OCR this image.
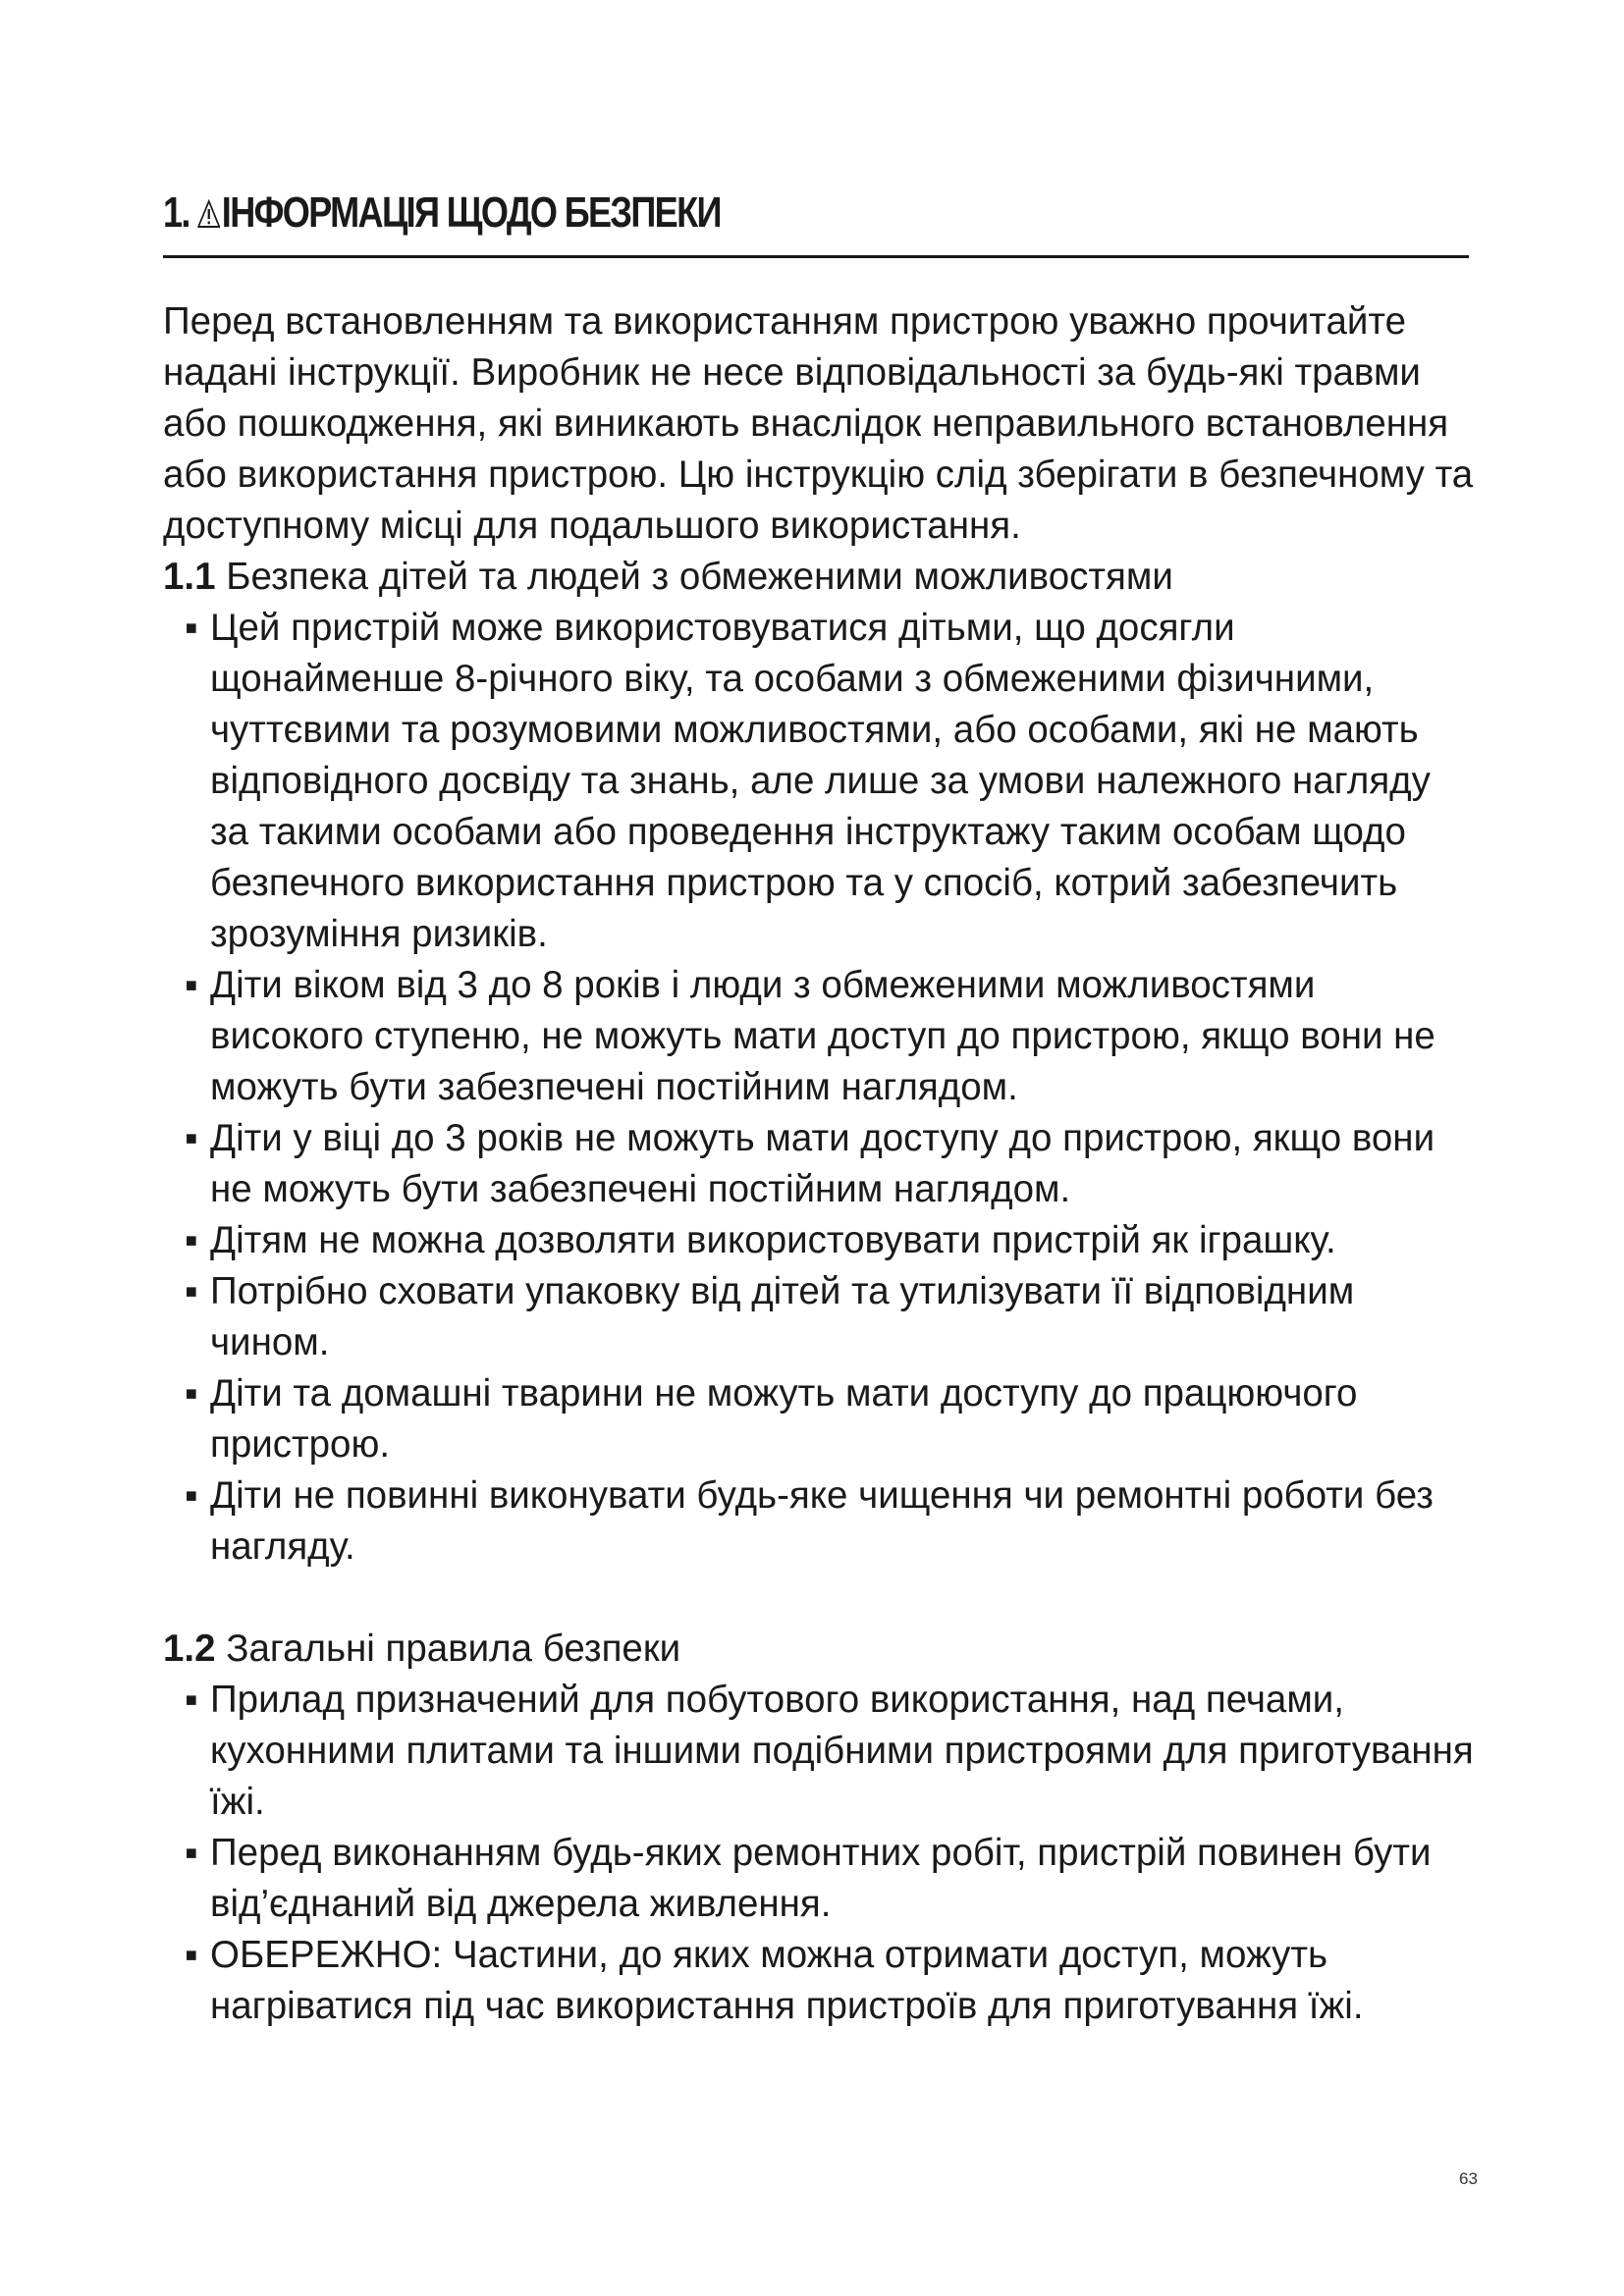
1. ІНФОРМАЦІЯ ЩОДО БЕЗПЕКИ

Перед встановленням та використанням пристрою уважно прочитайте надані інструкції. Виробник не несе відповідальності за будь-які травми або пошкодження, які виникають внаслідок неправильного встановлення або використання пристрою. Цю інструкцію слід зберігати в безпечному та доступному місці для подальшого використання.

1.1 Безпека дітей та людей з обмеженими можливостями

▪ Цей пристрій може використовуватися дітьми, що досягли щонайменше 8-річного віку, та особами з обмеженими фізичними, чуттєвими та розумовими можливостями, або особами, які не мають відповідного досвіду та знань, але лише за умови належного нагляду за такими особами або проведення інструктажу таким особам щодо безпечного використання пристрою та у спосіб, котрий забезпечить зрозуміння ризиків.
▪ Діти віком від 3 до 8 років і люди з обмеженими можливостями високого ступеню, не можуть мати доступ до пристрою, якщо вони не можуть бути забезпечені постійним наглядом.
▪ Діти у віці до 3 років не можуть мати доступу до пристрою, якщо вони не можуть бути забезпечені постійним наглядом.
▪ Дітям не можна дозволяти використовувати пристрій як іграшку.
▪ Потрібно сховати упаковку від дітей та утилізувати її відповідним чином.
▪ Діти та домашні тварини не можуть мати доступу до працюючого пристрою.
▪ Діти не повинні виконувати будь-яке чищення чи ремонтні роботи без нагляду.

1.2 Загальні правила безпеки

▪ Прилад призначений для побутового використання, над печами, кухонними плитами та іншими подібними пристроями для приготування їжі.
▪ Перед виконанням будь-яких ремонтних робіт, пристрій повинен бути від’єднаний від джерела живлення.
▪ ОБЕРЕЖНО: Частини, до яких можна отримати доступ, можуть нагріватися під час використання пристроїв для приготування їжі.
63
